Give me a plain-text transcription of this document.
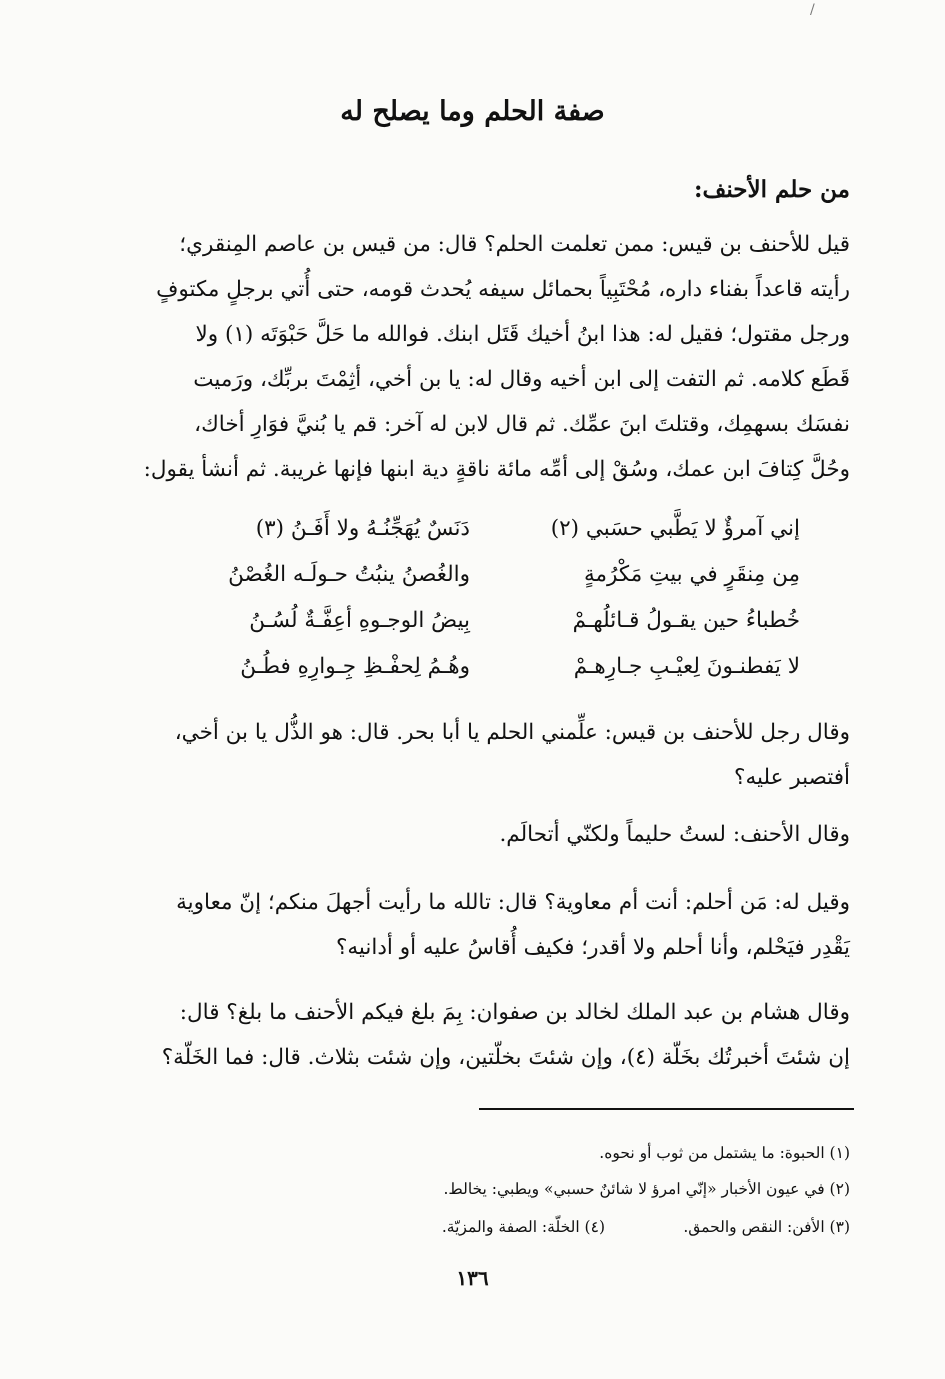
/
صفة الحلم وما يصلح له
من حلم الأحنف:
قيل للأحنف بن قيس: ممن تعلمت الحلم؟ قال: من قيس بن عاصم المِنقري؛
رأيته قاعداً بفناء داره، مُحْتَبِياً بحمائل سيفه يُحدث قومه، حتى أُتي برجلٍ مكتوفٍ
ورجل مقتول؛ فقيل له: هذا ابنُ أخيك قَتَل ابنك. فوالله ما حَلَّ حَبْوَتَه (١) ولا
قَطَع كلامه. ثم التفت إلى ابن أخيه وقال له: يا بن أخي، أثِمْتَ بربِّك، ورَميت
نفسَك بسهمِك، وقتلتَ ابنَ عمِّك. ثم قال لابن له آخر: قم يا بُنيَّ فوَارِ أخاك،
وحُلَّ كِتافَ ابن عمك، وسُقْ إلى أمِّه مائة ناقةٍ دية ابنها فإنها غريبة. ثم أنشأ يقول:
إني آمرؤٌ لا يَطَّبي حسَبي (٢)
دَنَسٌ يُهَجِّنُـهُ ولا أَفَـنُ (٣)
مِن مِنقَرٍ في بيتِ مَكْرُمةٍ
والغُصنُ ينبُتُ حـولَـه الغُصْنُ
خُطباءُ حين يقـولُ قـائلُهـمْ
بِيضُ الوجـوهِ أعِفَّـةٌ لُسُـنُ
لا يَفطنـونَ لِعيْـبِ جـارِهـمْ
وهُـمُ لِحفْـظِ جِـوارِهِ فطُـنُ
وقال رجل للأحنف بن قيس: علِّمني الحلم يا أبا بحر. قال: هو الذُّل يا بن أخي،
أفتصبر عليه؟
وقال الأحنف: لستُ حليماً ولكنّي أتحالَم.
وقيل له: مَن أحلم: أنت أم معاوية؟ قال: تالله ما رأيت أجهلَ منكم؛ إنّ معاوية
يَقْدِر فيَحْلم، وأنا أحلم ولا أقدر؛ فكيف أُقاسُ عليه أو أدانيه؟
وقال هشام بن عبد الملك لخالد بن صفوان: بِمَ بلغ فيكم الأحنف ما بلغ؟ قال:
إن شئتَ أخبرتُك بخَلّة (٤)، وإن شئتَ بخلّتين، وإن شئت بثلاث. قال: فما الخَلّة؟
(١) الحبوة: ما يشتمل من ثوب أو نحوه.
(٢) في عيون الأخبار «إنّي امرؤ لا شائنٌ حسبي» ويطبي: يخالط.
(٣) الأفن: النقص والحمق.
(٤) الخلّة: الصفة والمزيّة.
١٣٦
